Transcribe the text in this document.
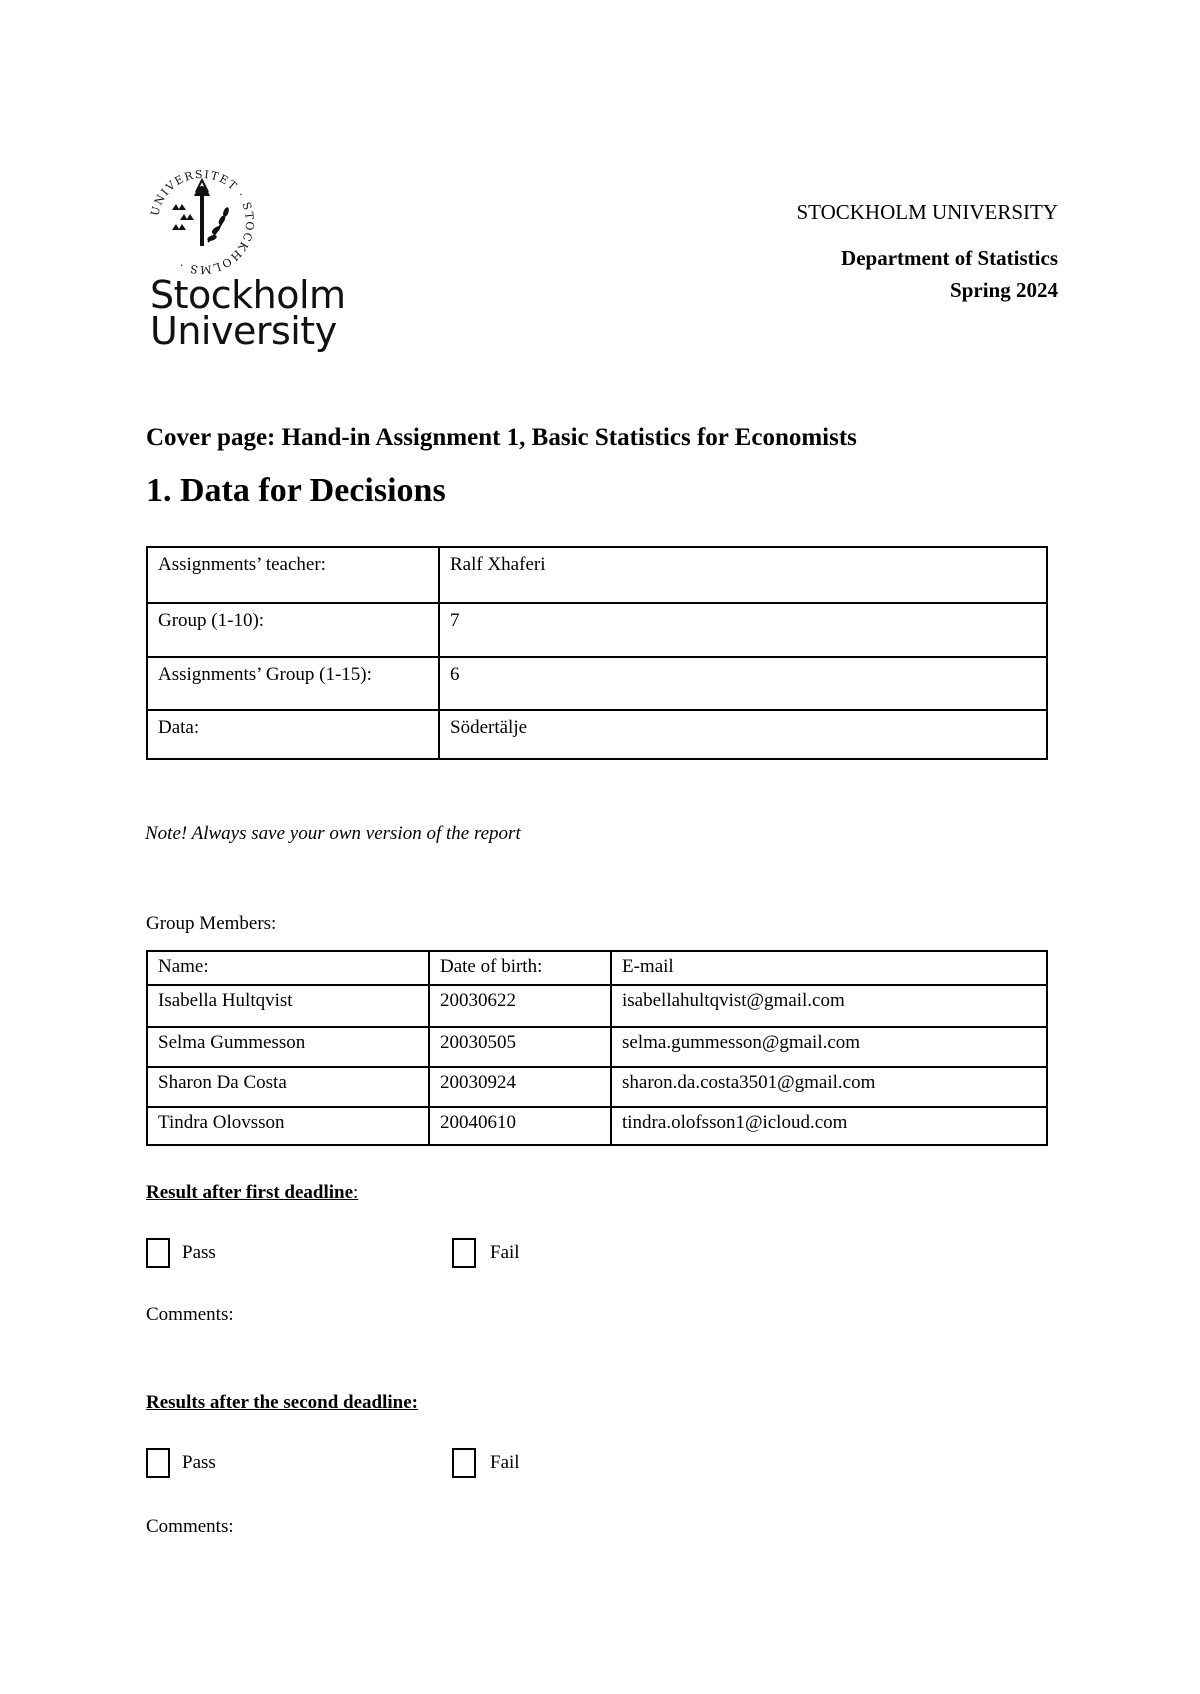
UNIVERSITET · STOCKHOLMS ·
Stockholm
University
STOCKHOLM UNIVERSITY
Department of Statistics
Spring 2024
Cover page: Hand-in Assignment 1, Basic Statistics for Economists
1. Data for Decisions
Assignments’ teacher:	Ralf Xhaferi
Group (1-10):	7
Assignments’ Group (1-15):	6
Data:	Södertälje
Note! Always save your own version of the report
Group Members:
Name:	Date of birth:	E-mail
Isabella Hultqvist	20030622	isabellahultqvist@gmail.com
Selma Gummesson	20030505	selma.gummesson@gmail.com
Sharon Da Costa	20030924	sharon.da.costa3501@gmail.com
Tindra Olovsson	20040610	tindra.olofsson1@icloud.com
Result after first deadline:
Pass	Fail
Comments:
Results after the second deadline:
Pass	Fail
Comments:
